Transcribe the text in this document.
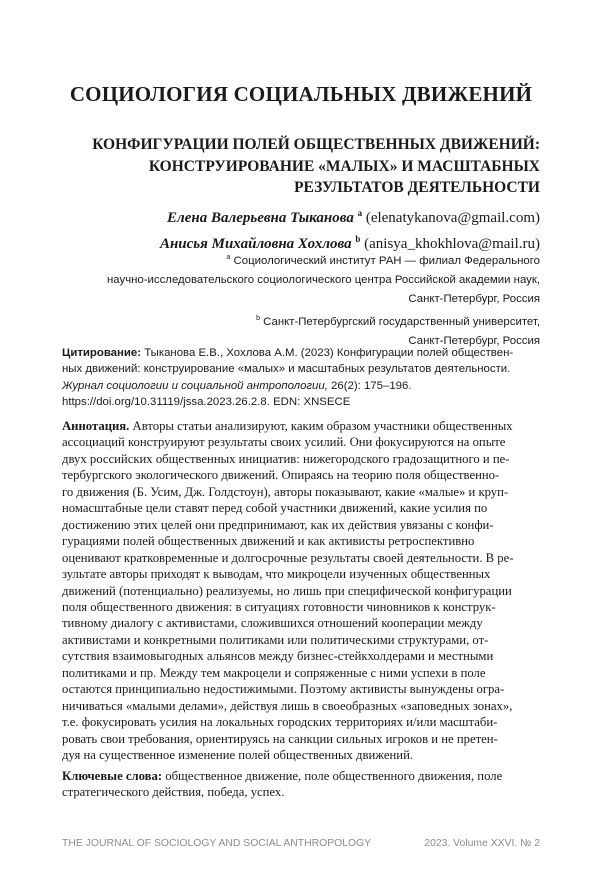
СОЦИОЛОГИЯ СОЦИАЛЬНЫХ ДВИЖЕНИЙ
КОНФИГУРАЦИИ ПОЛЕЙ ОБЩЕСТВЕННЫХ ДВИЖЕНИЙ:
КОНСТРУИРОВАНИЕ «МАЛЫХ» И МАСШТАБНЫХ
РЕЗУЛЬТАТОВ ДЕЯТЕЛЬНОСТИ
Елена Валерьевна Тыканова $^a$ (elenatykanova@gmail.com)
Анисья Михайловна Хохлова $^b$ (anisya_khokhlova@mail.ru)
$^a$ Социологический институт РАН — филиал Федерального
научно-исследовательского социологического центра Российской академии наук,
Санкт-Петербург, Россия
$^b$ Санкт-Петербургский государственный университет,
Санкт-Петербург, Россия
Цитирование: Тыканова Е.В., Хохлова А.М. (2023) Конфигурации полей обществен-
ных движений: конструирование «малых» и масштабных результатов деятельности.
Журнал социологии и социальной антропологии, 26(2): 175–196.
https://doi.org/10.31119/jssa.2023.26.2.8. EDN: XNSECE
Аннотация. Авторы статьи анализируют, каким образом участники общественных
ассоциаций конструируют результаты своих усилий. Они фокусируются на опыте
двух российских общественных инициатив: нижегородского градозащитного и пе-
тербургского экологического движений. Опираясь на теорию поля общественно-
го движения (Б. Усим, Дж. Голдстоун), авторы показывают, какие «малые» и круп-
номасштабные цели ставят перед собой участники движений, какие усилия по
достижению этих целей они предпринимают, как их действия увязаны с конфи-
гурациями полей общественных движений и как активисты ретроспективно
оценивают кратковременные и долгосрочные результаты своей деятельности. В ре-
зультате авторы приходят к выводам, что микроцели изученных общественных
движений (потенциально) реализуемы, но лишь при специфической конфигурации
поля общественного движения: в ситуациях готовности чиновников к конструк-
тивному диалогу с активистами, сложившихся отношений кооперации между
активистами и конкретными политиками или политическими структурами, от-
сутствия взаимовыгодных альянсов между бизнес-стейкхолдерами и местными
политиками и пр. Между тем макроцели и сопряженные с ними успехи в поле
остаются принципиально недостижимыми. Поэтому активисты вынуждены огра-
ничиваться «малыми делами», действуя лишь в своеобразных «заповедных зонах»,
т.е. фокусировать усилия на локальных городских территориях и/или масштаби-
ровать свои требования, ориентируясь на санкции сильных игроков и не претен-
дуя на существенное изменение полей общественных движений.
Ключевые слова: общественное движение, поле общественного движения, поле
стратегического действия, победа, успех.
THE JOURNAL OF SOCIOLOGY AND SOCIAL ANTHROPOLOGY	2023. Volume XXVI. № 2
